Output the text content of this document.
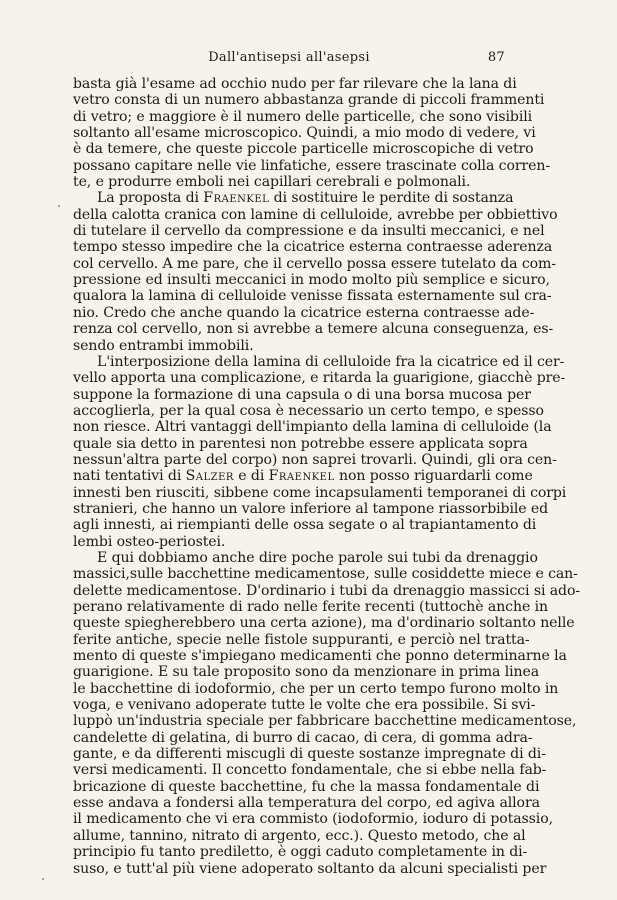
Dall'antisepsi all'asepsi	87
basta già l'esame ad occhio nudo per far rilevare che la lana di
vetro consta di un numero abbastanza grande di piccoli frammenti
di vetro; e maggiore è il numero delle particelle, che sono visibili
soltanto all'esame microscopico. Quindi, a mio modo di vedere, vi
è da temere, che queste piccole particelle microscopiche di vetro
possano capitare nelle vie linfatiche, essere trascinate colla corren-
te, e produrre emboli nei capillari cerebrali e polmonali.
La proposta di Fraenkel di sostituire le perdite di sostanza
della calotta cranica con lamine di celluloide, avrebbe per obbiettivo
di tutelare il cervello da compressione e da insulti meccanici, e nel
tempo stesso impedire che la cicatrice esterna contraesse aderenza
col cervello. A me pare, che il cervello possa essere tutelato da com-
pressione ed insulti meccanici in modo molto più semplice e sicuro,
qualora la lamina di celluloide venisse fissata esternamente sul cra-
nio. Credo che anche quando la cicatrice esterna contraesse ade-
renza col cervello, non si avrebbe a temere alcuna conseguenza, es-
sendo entrambi immobili.
L'interposizione della lamina di celluloide fra la cicatrice ed il cer-
vello apporta una complicazione, e ritarda la guarigione, giacchè pre-
suppone la formazione di una capsula o di una borsa mucosa per
accoglierla, per la qual cosa è necessario un certo tempo, e spesso
non riesce. Altri vantaggi dell'impianto della lamina di celluloide (la
quale sia detto in parentesi non potrebbe essere applicata sopra
nessun'altra parte del corpo) non saprei trovarli. Quindi, gli ora cen-
nati tentativi di Salzer e di Fraenkel non posso riguardarli come
innesti ben riusciti, sibbene come incapsulamenti temporanei di corpi
stranieri, che hanno un valore inferiore al tampone riassorbibile ed
agli innesti, ai riempianti delle ossa segate o al trapiantamento di
lembi osteo-periostei.
E qui dobbiamo anche dire poche parole sui tubi da drenaggio
massici,sulle bacchettine medicamentose, sulle cosiddette miece e can-
delette medicamentose. D'ordinario i tubi da drenaggio massicci si ado-
perano relativamente di rado nelle ferite recenti (tuttochè anche in
queste spiegherebbero una certa azione), ma d'ordinario soltanto nelle
ferite antiche, specie nelle fistole suppuranti, e perciò nel tratta-
mento di queste s'impiegano medicamenti che ponno determinarne la
guarigione. E su tale proposito sono da menzionare in prima linea
le bacchettine di iodoformio, che per un certo tempo furono molto in
voga, e venivano adoperate tutte le volte che era possibile. Si svi-
luppò un'industria speciale per fabbricare bacchettine medicamentose,
candelette di gelatina, di burro di cacao, di cera, di gomma adra-
gante, e da differenti miscugli di queste sostanze impregnate di di-
versi medicamenti. Il concetto fondamentale, che si ebbe nella fab-
bricazione di queste bacchettine, fu che la massa fondamentale di
esse andava a fondersi alla temperatura del corpo, ed agiva allora
il medicamento che vi era commisto (iodoformio, ioduro di potassio,
allume, tannino, nitrato di argento, ecc.). Questo metodo, che al
principio fu tanto prediletto, è oggi caduto completamente in di-
suso, e tutt'al più viene adoperato soltanto da alcuni specialisti per
